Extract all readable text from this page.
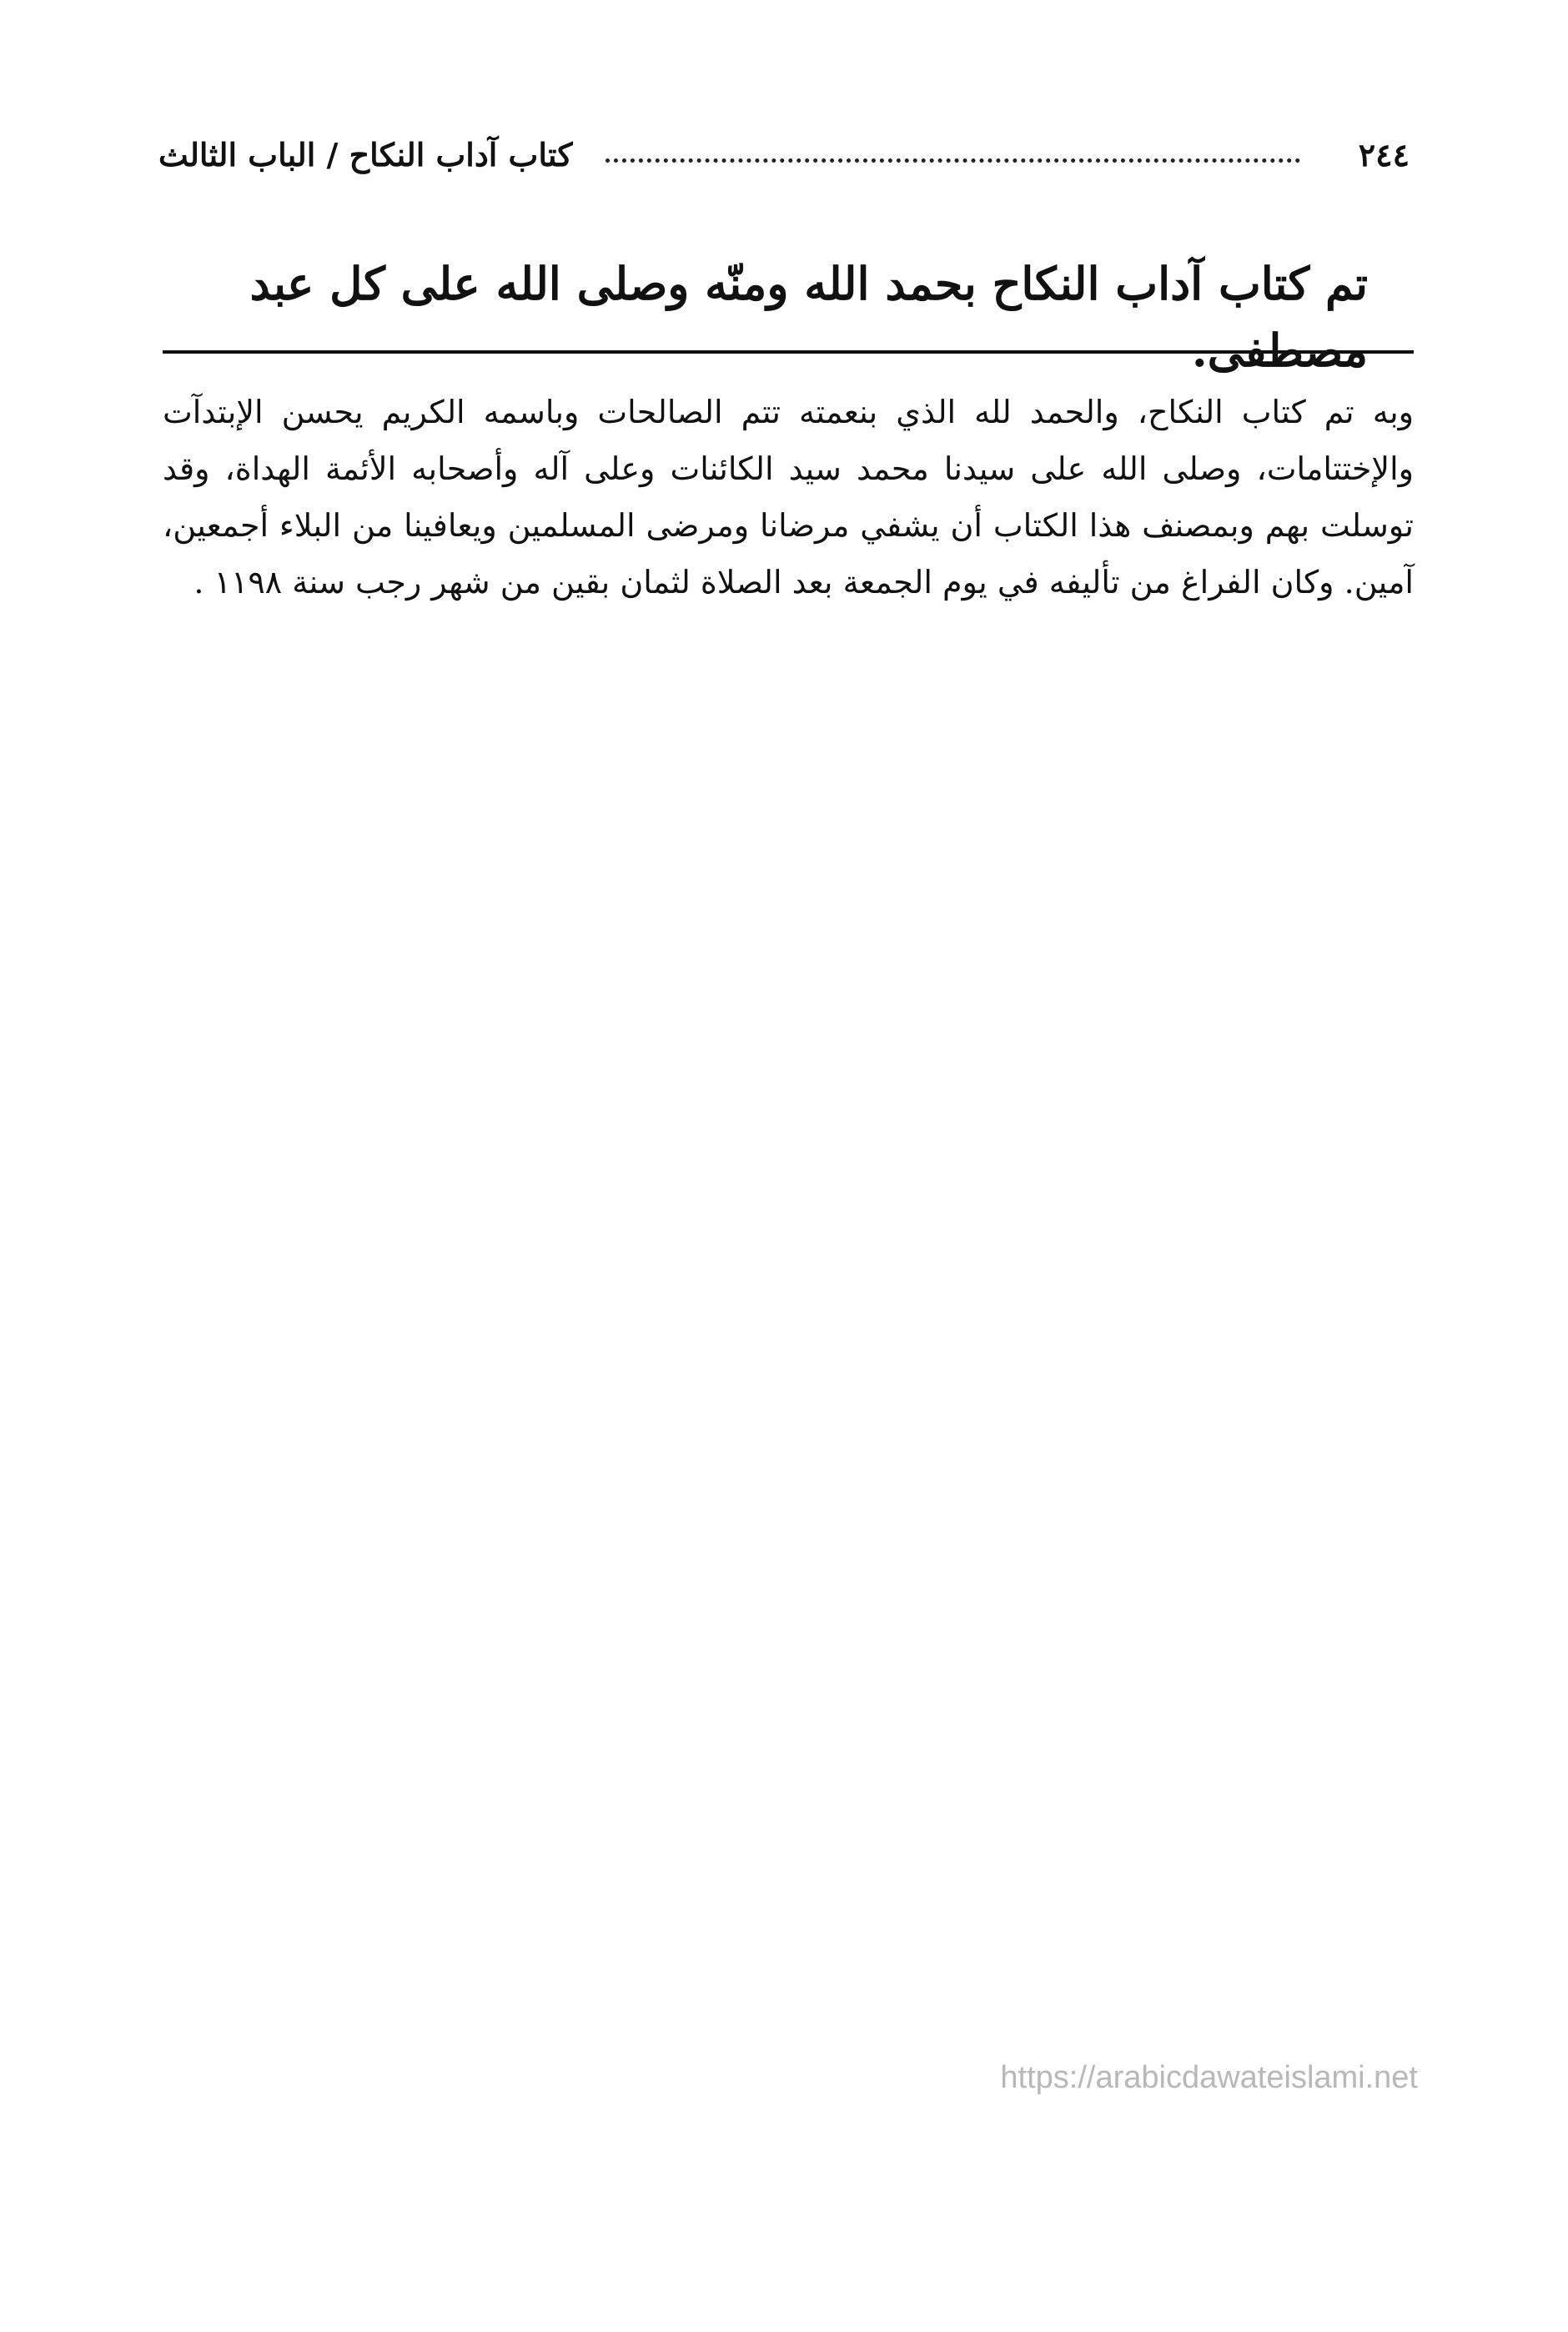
٢٤٤
كتاب آداب النكاح / الباب الثالث
تم كتاب آداب النكاح بحمد الله ومنّه وصلى الله على كل عبد مصطفى.
وبه تم كتاب النكاح، والحمد لله الذي بنعمته تتم الصالحات وباسمه الكريم يحسن الإبتدآت والإختتامات، وصلى الله على سيدنا محمد سيد الكائنات وعلى آله وأصحابه الأئمة الهداة، وقد توسلت بهم وبمصنف هذا الكتاب أن يشفي مرضانا ومرضى المسلمين ويعافينا من البلاء أجمعين، آمين. وكان الفراغ من تأليفه في يوم الجمعة بعد الصلاة لثمان بقين من شهر رجب سنة ١١٩٨ .
https://arabicdawateislami.net
